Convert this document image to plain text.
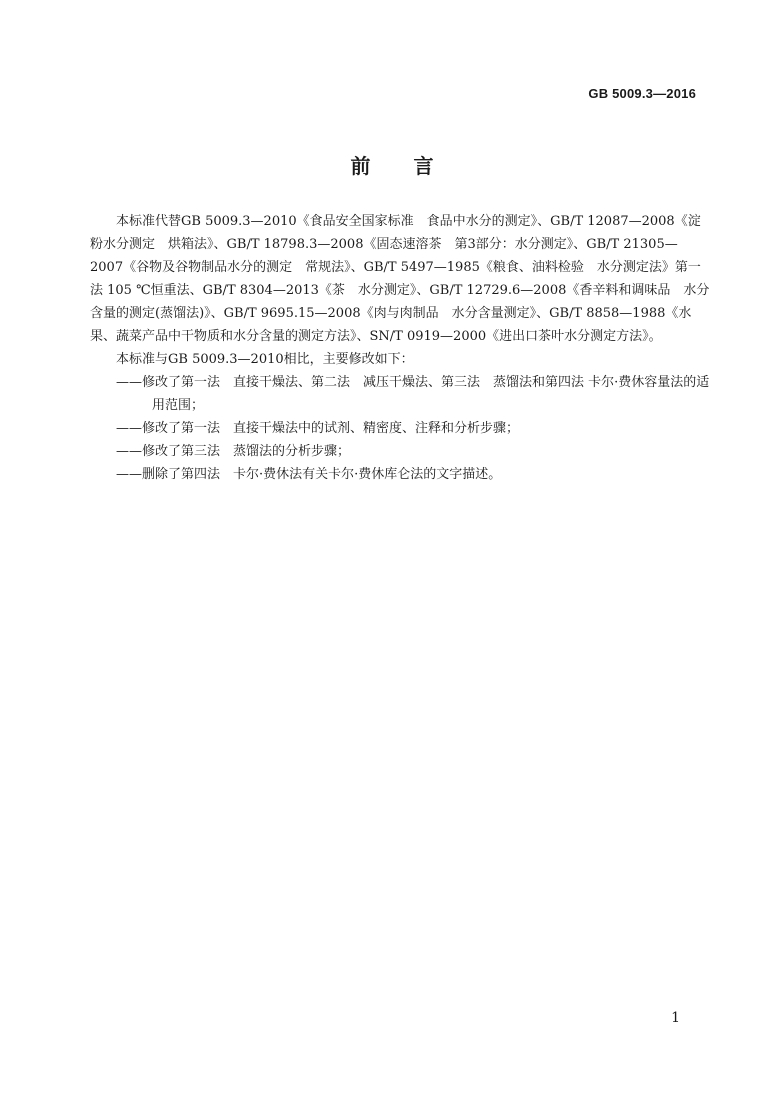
GB 5009.3—2016
前 言

本标准代替GB 5009.3—2010《食品安全国家标准　食品中水分的测定》、GB/T 12087—2008《淀粉水分测定　烘箱法》、GB/T 18798.3—2008《固态速溶茶　第3部分：水分测定》、GB/T 21305—2007《谷物及谷物制品水分的测定　常规法》、GB/T 5497—1985《粮食、油料检验　水分测定法》第一法 105 ℃恒重法、GB/T 8304—2013《茶　水分测定》、GB/T 12729.6—2008《香辛料和调味品　水分含量的测定(蒸馏法)》、GB/T 9695.15—2008《肉与肉制品　水分含量测定》、GB/T 8858—1988《水果、蔬菜产品中干物质和水分含量的测定方法》、SN/T 0919—2000《进出口茶叶水分测定方法》。

本标准与GB 5009.3—2010相比，主要修改如下：

——修改了第一法　直接干燥法、第二法　减压干燥法、第三法　蒸馏法和第四法 卡尔·费休容量法的适用范围；
——修改了第一法　直接干燥法中的试剂、精密度、注释和分析步骤；
——修改了第三法　蒸馏法的分析步骤；
——删除了第四法　卡尔·费休法有关卡尔·费休库仑法的文字描述。
1
